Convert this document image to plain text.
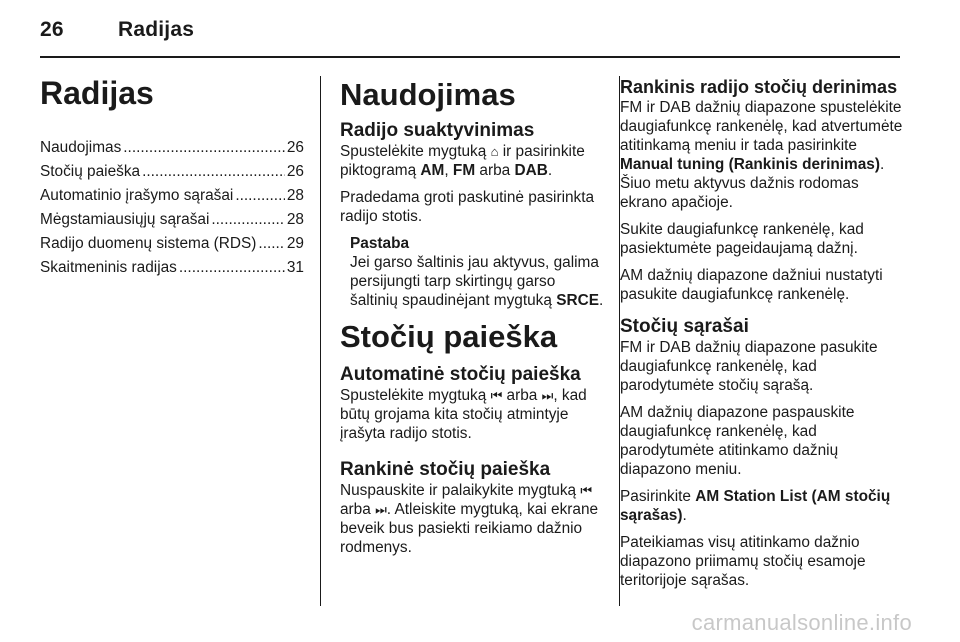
26	Radijas
Radijas
Naudojimas .....	26
Stočių paieška .....	26
Automatinio įrašymo sąrašai .....	28
Mėgstamiausiųjų sąrašai .....	28
Radijo duomenų sistema (RDS) ..... 29
Skaitmeninis radijas .....	31
Naudojimas
Radijo suaktyvinimas

Spustelėkite mygtuką ⌂ ir pasirinkite piktogramą AM, FM arba DAB.

Pradedama groti paskutinė pasirinkta radijo stotis.

Pastaba
Jei garso šaltinis jau aktyvus, galima persijungti tarp skirtingų garso šaltinių spaudinėjant mygtuką SRCE.
Stočių paieška
Automatinė stočių paieška

Spustelėkite mygtuką ⏮ arba ⏭, kad būtų grojama kita stočių atmintyje įrašyta radijo stotis.

Rankinė stočių paieška

Nuspauskite ir palaikykite mygtuką ⏮ arba ⏭. Atleiskite mygtuką, kai ekrane beveik bus pasiekti reikiamo dažnio rodmenys.

Rankinis radijo stočių derinimas

FM ir DAB dažnių diapazone spustelėkite daugiafunkcę rankenėlę, kad atvertumėte atitinkamą meniu ir tada pasirinkite Manual tuning (Rankinis derinimas). Šiuo metu aktyvus dažnis rodomas ekrano apačioje.

Sukite daugiafunkcę rankenėlę, kad pasiektumėte pageidaujamą dažnį.

AM dažnių diapazone dažniui nustatyti pasukite daugiafunkcę rankenėlę.

Stočių sąrašai

FM ir DAB dažnių diapazone pasukite daugiafunkcę rankenėlę, kad parodytumėte stočių sąrašą.

AM dažnių diapazone paspauskite daugiafunkcę rankenėlę, kad parodytumėte atitinkamo dažnių diapazono meniu.

Pasirinkite AM Station List (AM stočių sąrašas).

Pateikiamas visų atitinkamo dažnio diapazono priimamų stočių esamoje teritorijoje sąrašas.

carmanualsonline.info
